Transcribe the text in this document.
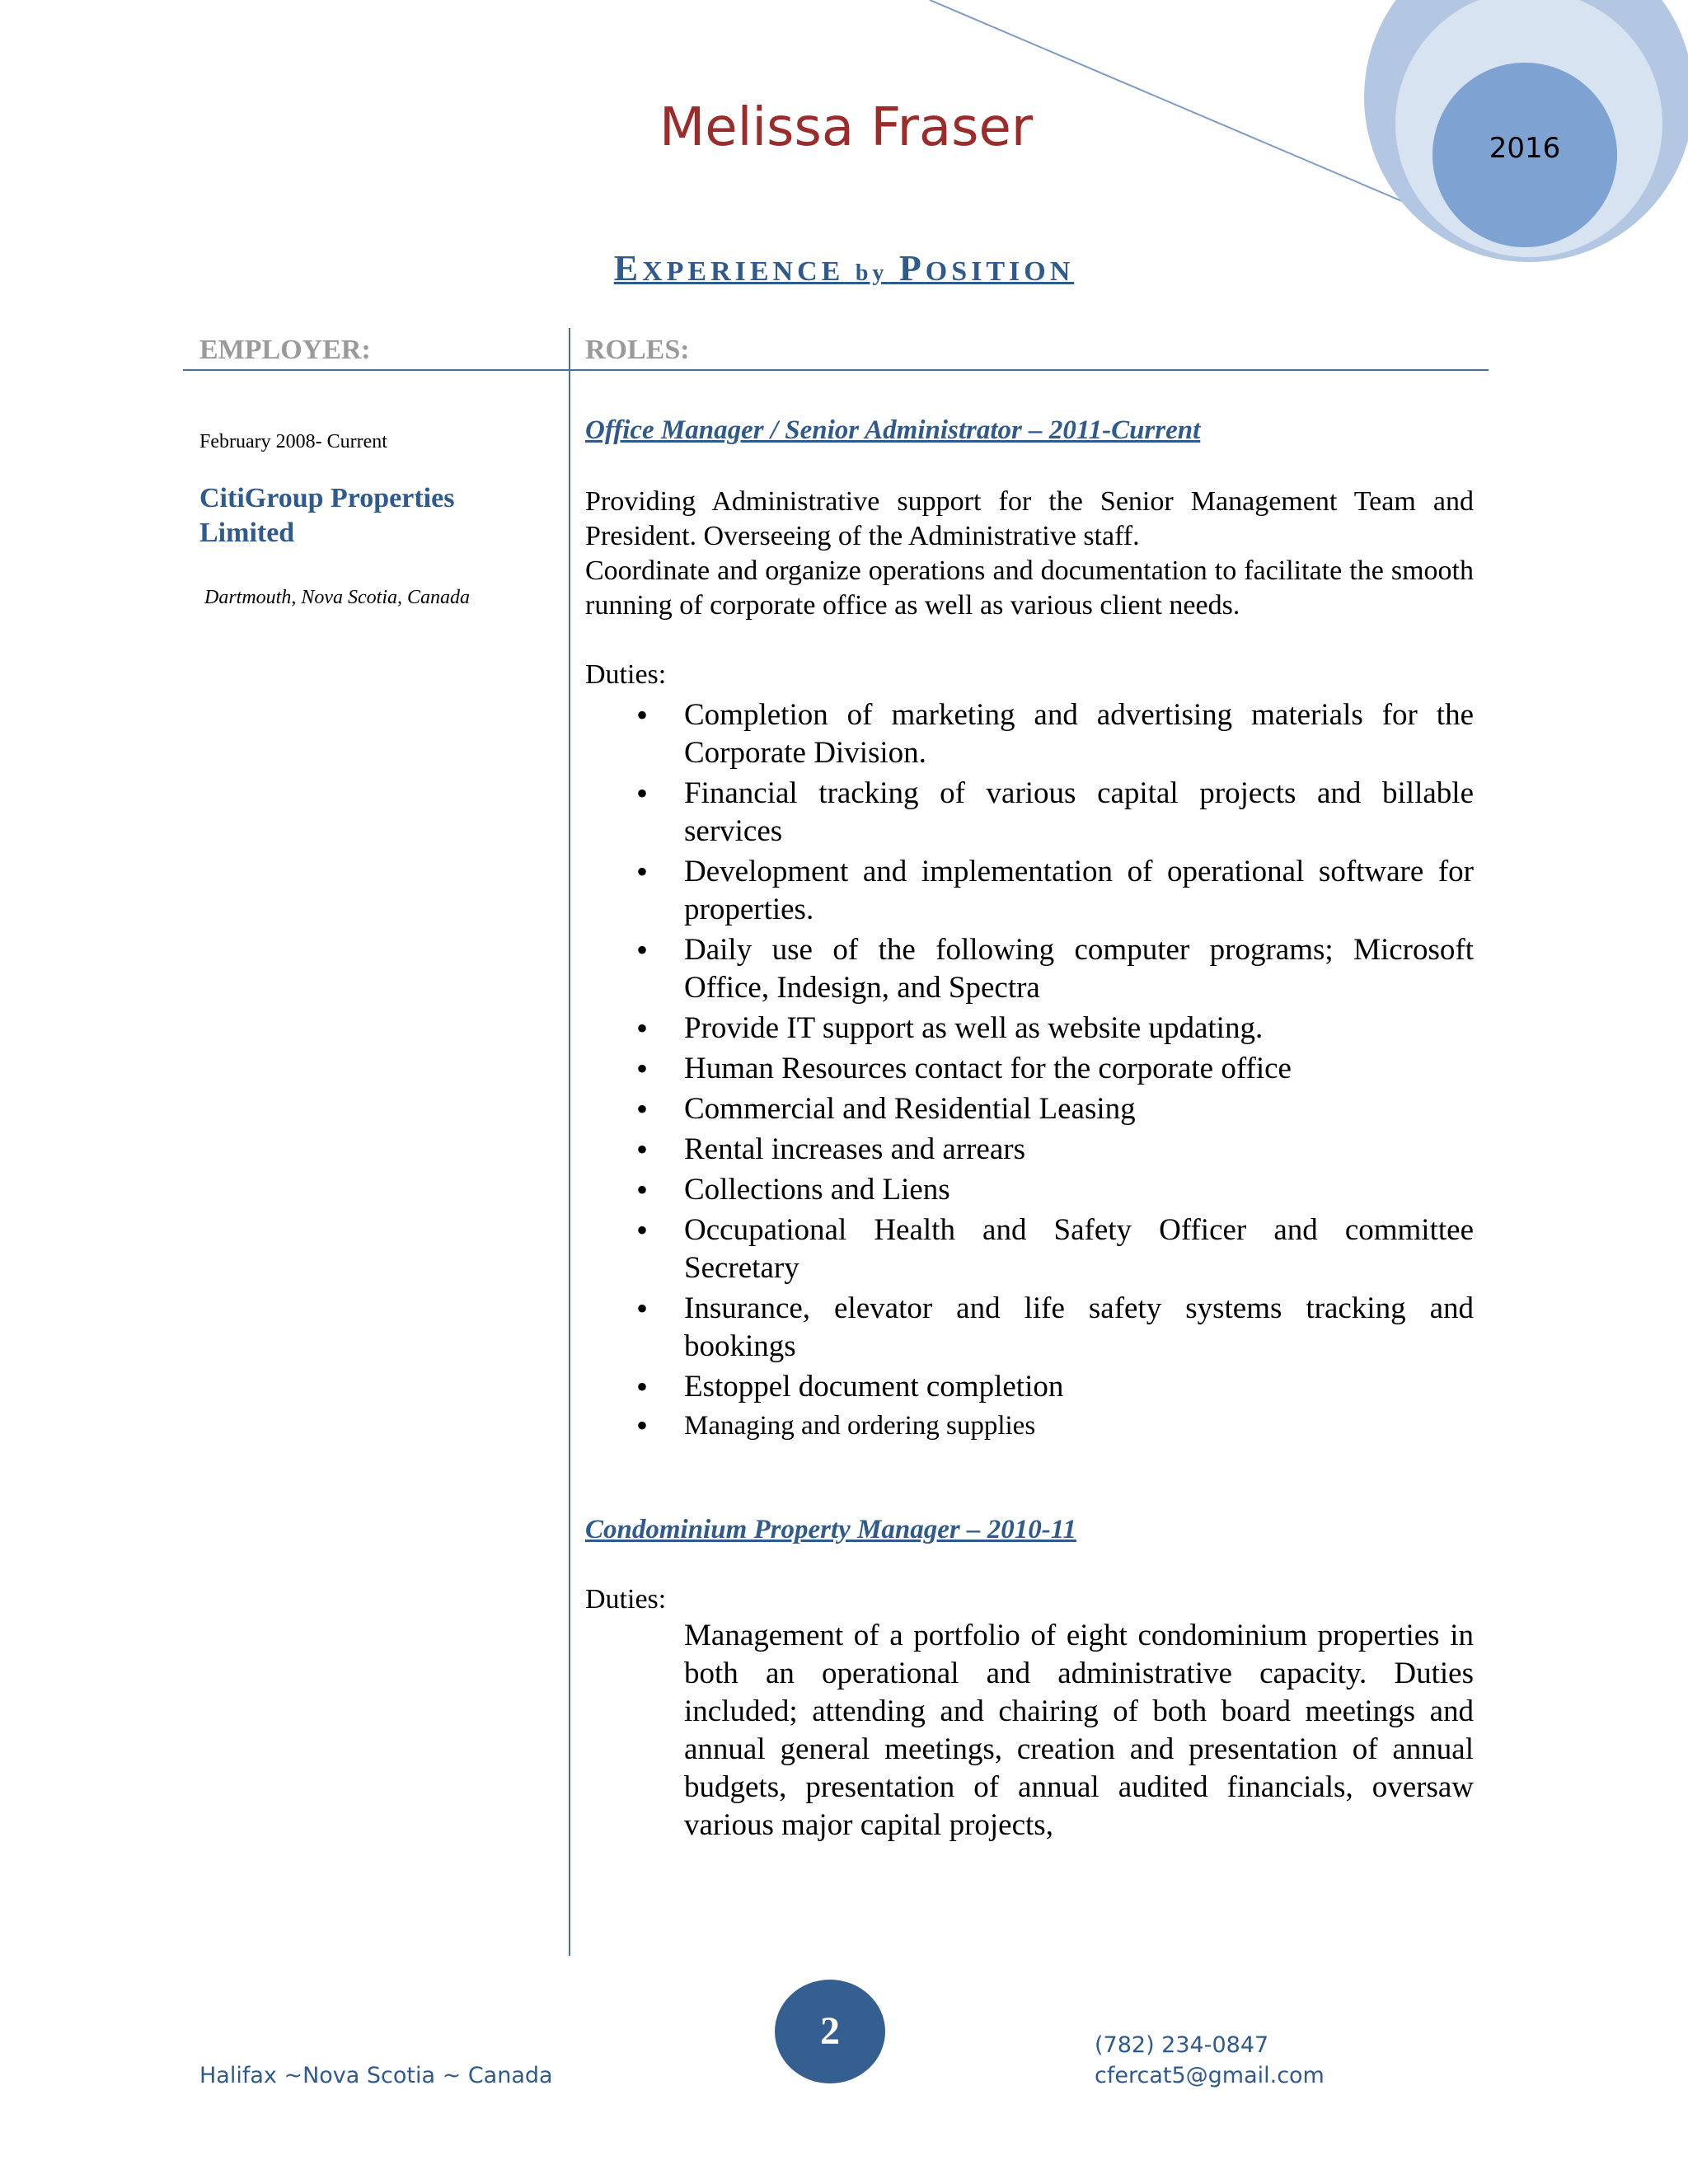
Melissa Fraser	2016
EXPERIENCE by POSITION
EMPLOYER:	ROLES:
February 2008- Current
CitiGroup Properties Limited
Dartmouth, Nova Scotia, Canada
Office Manager / Senior Administrator – 2011-Current

Providing Administrative support for the Senior Management Team and President. Overseeing of the Administrative staff.

Coordinate and organize operations and documentation to facilitate the smooth running of corporate office as well as various client needs.

Duties:
• Completion of marketing and advertising materials for the Corporate Division.
• Financial tracking of various capital projects and billable services
• Development and implementation of operational software for properties.
• Daily use of the following computer programs; Microsoft Office, Indesign, and Spectra
• Provide IT support as well as website updating.
• Human Resources contact for the corporate office
• Commercial and Residential Leasing
• Rental increases and arrears
• Collections and Liens
• Occupational Health and Safety Officer and committee Secretary
• Insurance, elevator and life safety systems tracking and bookings
• Estoppel document completion
• Managing and ordering supplies
Condominium Property Manager – 2010-11
Duties:
Management of a portfolio of eight condominium properties in both an operational and administrative capacity. Duties included; attending and chairing of both board meetings and annual general meetings, creation and presentation of annual budgets, presentation of annual audited financials, oversaw various major capital projects,
2
Halifax ~Nova Scotia ~ Canada
(782) 234-0847
cfercat5@gmail.com
